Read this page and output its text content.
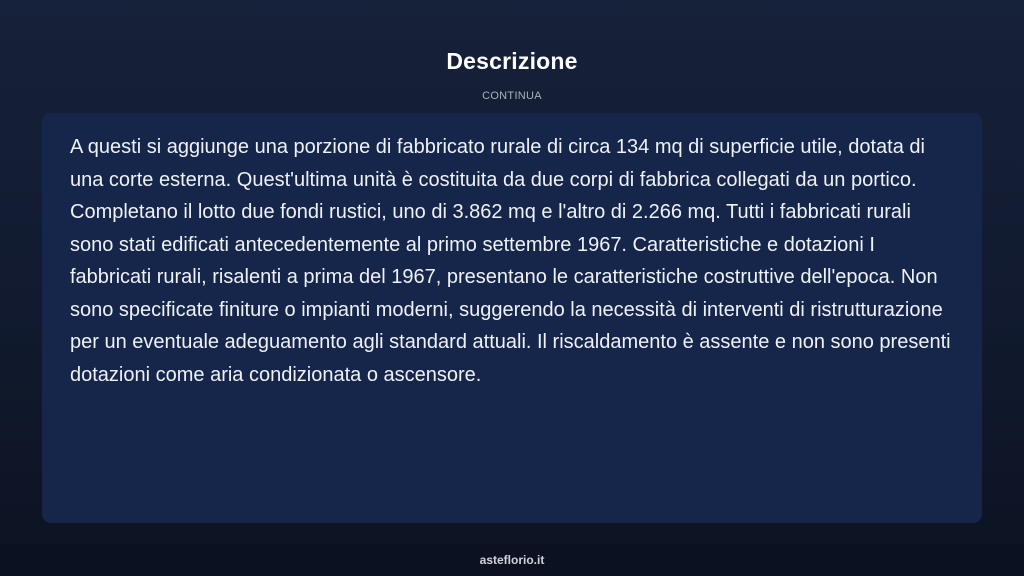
Descrizione
CONTINUA

A questi si aggiunge una porzione di fabbricato rurale di circa 134 mq di superficie utile, dotata di una corte esterna. Quest'ultima unità è costituita da due corpi di fabbrica collegati da un portico. Completano il lotto due fondi rustici, uno di 3.862 mq e l'altro di 2.266 mq. Tutti i fabbricati rurali sono stati edificati antecedentemente al primo settembre 1967. Caratteristiche e dotazioni I fabbricati rurali, risalenti a prima del 1967, presentano le caratteristiche costruttive dell'epoca. Non sono specificate finiture o impianti moderni, suggerendo la necessità di interventi di ristrutturazione per un eventuale adeguamento agli standard attuali. Il riscaldamento è assente e non sono presenti dotazioni come aria condizionata o ascensore.

asteflorio.it
